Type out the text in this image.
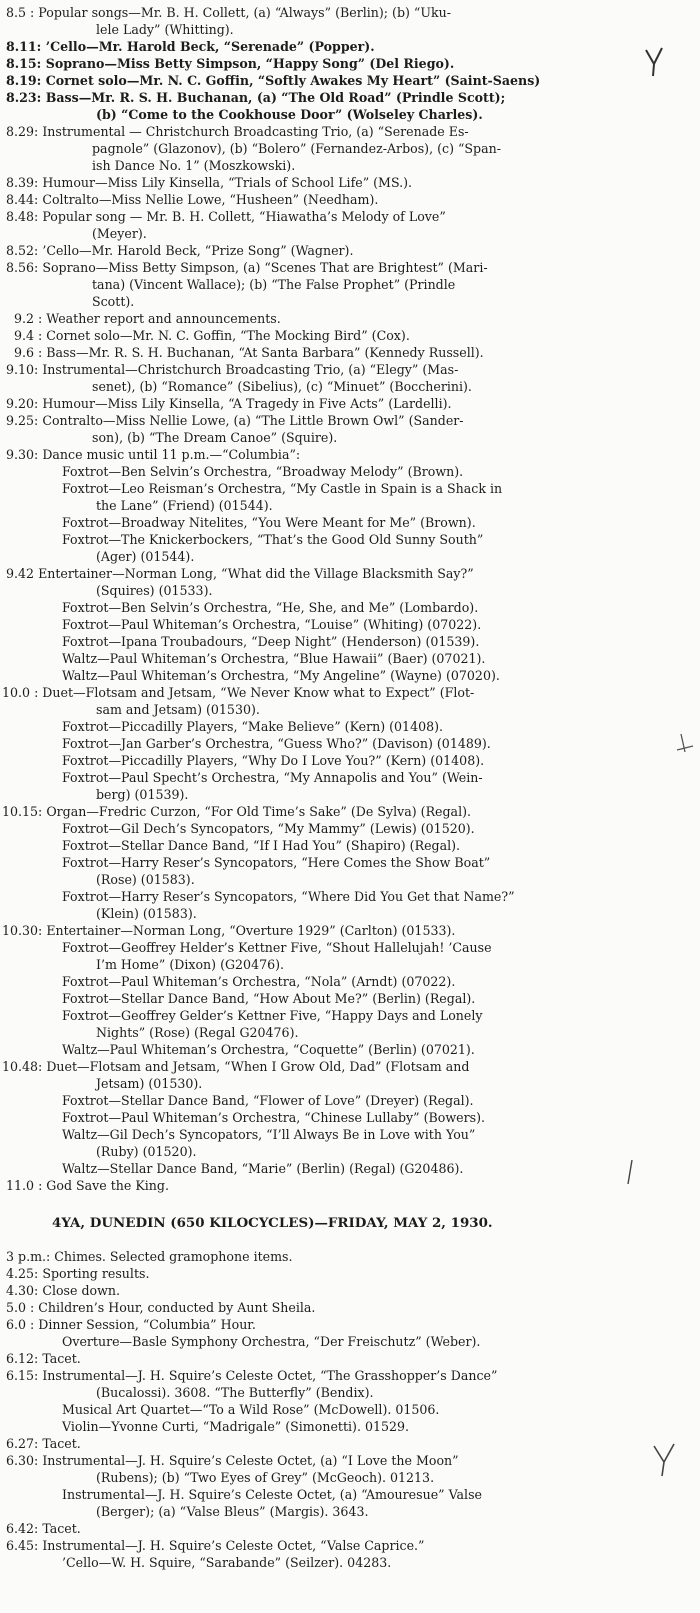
8.5 : Popular songs—Mr. B. H. Collett, (a) “Always” (Berlin); (b) “Uku-
lele Lady” (Whitting).
8.11: ’Cello—Mr. Harold Beck, “Serenade” (Popper).
8.15: Soprano—Miss Betty Simpson, “Happy Song” (Del Riego).
8.19: Cornet solo—Mr. N. C. Goffin, “Softly Awakes My Heart” (Saint-Saens)
8.23: Bass—Mr. R. S. H. Buchanan, (a) “The Old Road” (Prindle Scott);
(b) “Come to the Cookhouse Door” (Wolseley Charles).
8.29: Instrumental — Christchurch Broadcasting Trio, (a) “Serenade Es-
pagnole” (Glazonov), (b) “Bolero” (Fernandez-Arbos), (c) “Span-
ish Dance No. 1” (Moszkowski).
8.39: Humour—Miss Lily Kinsella, “Trials of School Life” (MS.).
8.44: Coltralto—Miss Nellie Lowe, “Husheen” (Needham).
8.48: Popular song — Mr. B. H. Collett, “Hiawatha’s Melody of Love”
(Meyer).
8.52: ’Cello—Mr. Harold Beck, “Prize Song” (Wagner).
8.56: Soprano—Miss Betty Simpson, (a) “Scenes That are Brightest” (Mari-
tana) (Vincent Wallace); (b) “The False Prophet” (Prindle
Scott).
9.2 : Weather report and announcements.
9.4 : Cornet solo—Mr. N. C. Goffin, “The Mocking Bird” (Cox).
9.6 : Bass—Mr. R. S. H. Buchanan, “At Santa Barbara” (Kennedy Russell).
9.10: Instrumental—Christchurch Broadcasting Trio, (a) “Elegy” (Mas-
senet), (b) “Romance” (Sibelius), (c) “Minuet” (Boccherini).
9.20: Humour—Miss Lily Kinsella, “A Tragedy in Five Acts” (Lardelli).
9.25: Contralto—Miss Nellie Lowe, (a) “The Little Brown Owl” (Sander-
son), (b) “The Dream Canoe” (Squire).
9.30: Dance music until 11 p.m.—“Columbia”:
Foxtrot—Ben Selvin’s Orchestra, “Broadway Melody” (Brown).
Foxtrot—Leo Reisman’s Orchestra, “My Castle in Spain is a Shack in
the Lane” (Friend) (01544).
Foxtrot—Broadway Nitelites, “You Were Meant for Me” (Brown).
Foxtrot—The Knickerbockers, “That’s the Good Old Sunny South”
(Ager) (01544).
9.42 Entertainer—Norman Long, “What did the Village Blacksmith Say?”
(Squires) (01533).
Foxtrot—Ben Selvin’s Orchestra, “He, She, and Me” (Lombardo).
Foxtrot—Paul Whiteman’s Orchestra, “Louise” (Whiting) (07022).
Foxtrot—Ipana Troubadours, “Deep Night” (Henderson) (01539).
Waltz—Paul Whiteman’s Orchestra, “Blue Hawaii” (Baer) (07021).
Waltz—Paul Whiteman’s Orchestra, “My Angeline” (Wayne) (07020).
10.0 : Duet—Flotsam and Jetsam, “We Never Know what to Expect” (Flot-
sam and Jetsam) (01530).
Foxtrot—Piccadilly Players, “Make Believe” (Kern) (01408).
Foxtrot—Jan Garber’s Orchestra, “Guess Who?” (Davison) (01489).
Foxtrot—Piccadilly Players, “Why Do I Love You?” (Kern) (01408).
Foxtrot—Paul Specht’s Orchestra, “My Annapolis and You” (Wein-
berg) (01539).
10.15: Organ—Fredric Curzon, “For Old Time’s Sake” (De Sylva) (Regal).
Foxtrot—Gil Dech’s Syncopators, “My Mammy” (Lewis) (01520).
Foxtrot—Stellar Dance Band, “If I Had You” (Shapiro) (Regal).
Foxtrot—Harry Reser’s Syncopators, “Here Comes the Show Boat”
(Rose) (01583).
Foxtrot—Harry Reser’s Syncopators, “Where Did You Get that Name?”
(Klein) (01583).
10.30: Entertainer—Norman Long, “Overture 1929” (Carlton) (01533).
Foxtrot—Geoffrey Helder’s Kettner Five, “Shout Hallelujah! ’Cause
I’m Home” (Dixon) (G20476).
Foxtrot—Paul Whiteman’s Orchestra, “Nola” (Arndt) (07022).
Foxtrot—Stellar Dance Band, “How About Me?” (Berlin) (Regal).
Foxtrot—Geoffrey Gelder’s Kettner Five, “Happy Days and Lonely
Nights” (Rose) (Regal G20476).
Waltz—Paul Whiteman’s Orchestra, “Coquette” (Berlin) (07021).
10.48: Duet—Flotsam and Jetsam, “When I Grow Old, Dad” (Flotsam and
Jetsam) (01530).
Foxtrot—Stellar Dance Band, “Flower of Love” (Dreyer) (Regal).
Foxtrot—Paul Whiteman’s Orchestra, “Chinese Lullaby” (Bowers).
Waltz—Gil Dech’s Syncopators, “I’ll Always Be in Love with You”
(Ruby) (01520).
Waltz—Stellar Dance Band, “Marie” (Berlin) (Regal) (G20486).
11.0 : God Save the King.
4YA, DUNEDIN (650 KILOCYCLES)—FRIDAY, MAY 2, 1930.
3 p.m.: Chimes. Selected gramophone items.
4.25: Sporting results.
4.30: Close down.
5.0 : Children’s Hour, conducted by Aunt Sheila.
6.0 : Dinner Session, “Columbia” Hour.
Overture—Basle Symphony Orchestra, “Der Freischutz” (Weber).
6.12: Tacet.
6.15: Instrumental—J. H. Squire’s Celeste Octet, “The Grasshopper’s Dance”
(Bucalossi). 3608. “The Butterfly” (Bendix).
Musical Art Quartet—“To a Wild Rose” (McDowell). 01506.
Violin—Yvonne Curti, “Madrigale” (Simonetti). 01529.
6.27: Tacet.
6.30: Instrumental—J. H. Squire’s Celeste Octet, (a) “I Love the Moon”
(Rubens); (b) “Two Eyes of Grey” (McGeoch). 01213.
Instrumental—J. H. Squire’s Celeste Octet, (a) “Amouresue” Valse
(Berger); (a) “Valse Bleus” (Margis). 3643.
6.42: Tacet.
6.45: Instrumental—J. H. Squire’s Celeste Octet, “Valse Caprice.”
’Cello—W. H. Squire, “Sarabande” (Seilzer). 04283.
